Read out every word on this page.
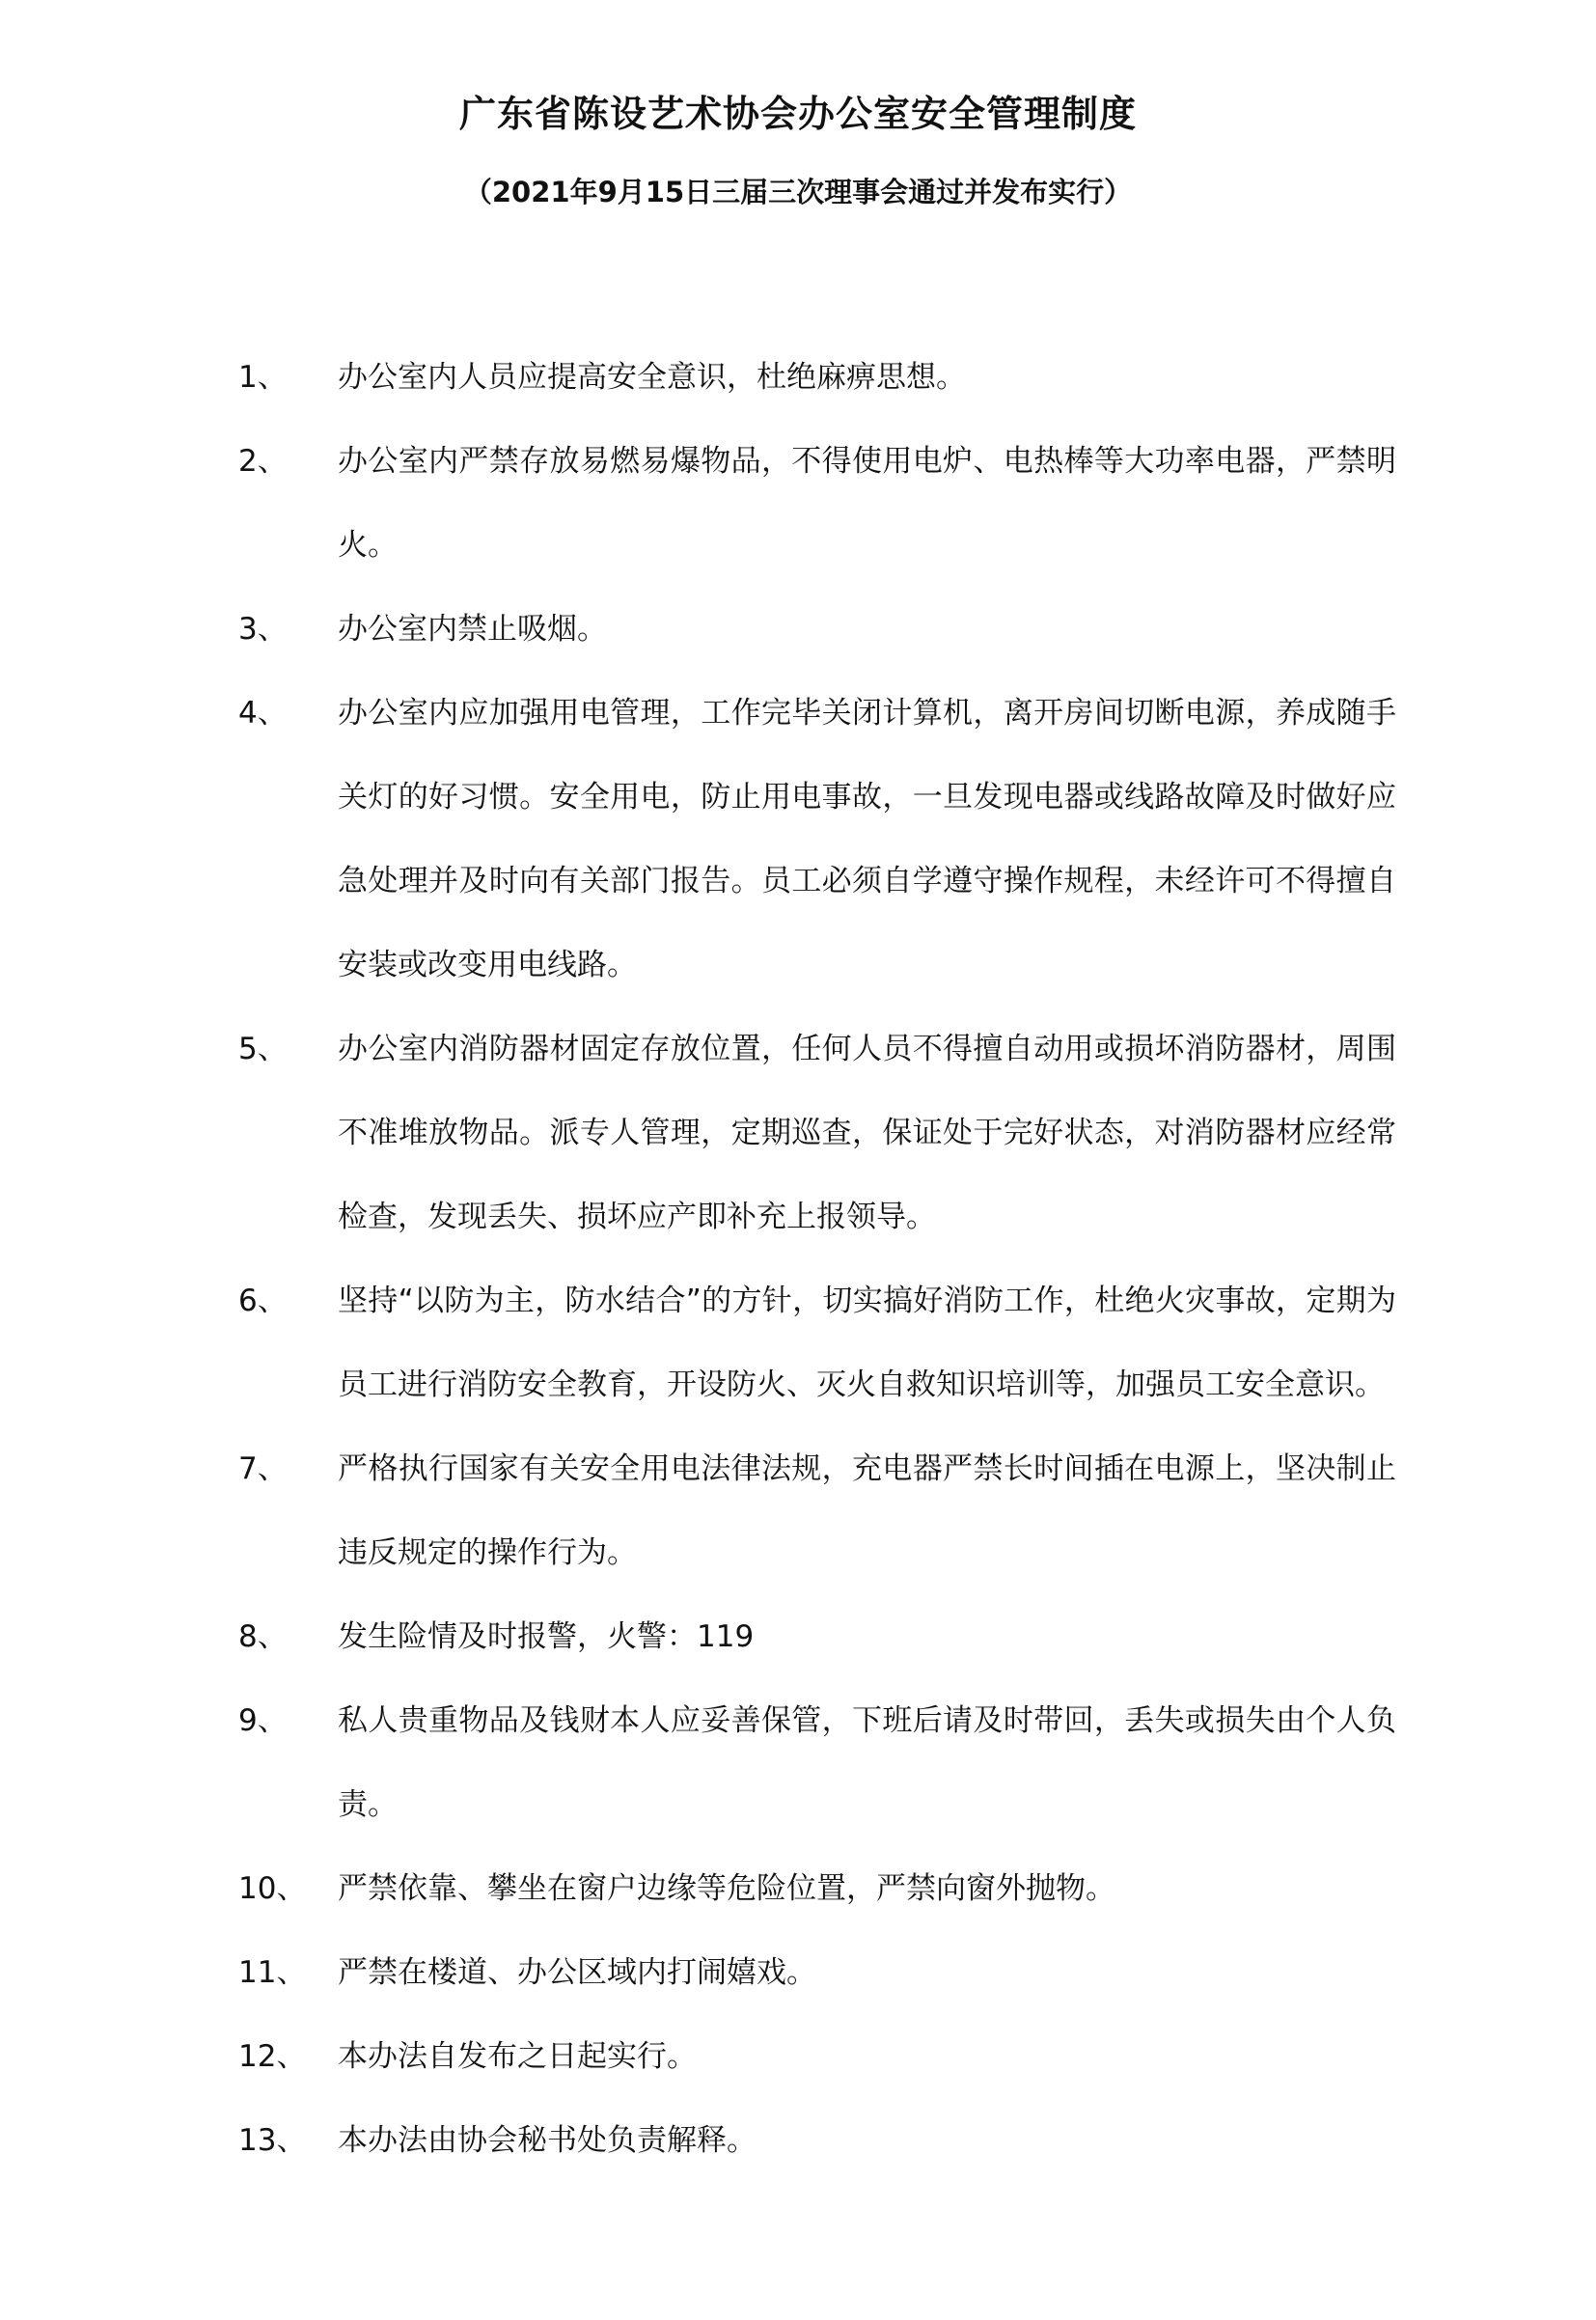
广东省陈设艺术协会办公室安全管理制度
（2021年9月15日三届三次理事会通过并发布实行）
1、 办公室内人员应提高安全意识，杜绝麻痹思想。
2、 办公室内严禁存放易燃易爆物品，不得使用电炉、电热棒等大功率电器，严禁明火。
3、 办公室内禁止吸烟。
4、 办公室内应加强用电管理，工作完毕关闭计算机，离开房间切断电源，养成随手关灯的好习惯。安全用电，防止用电事故，一旦发现电器或线路故障及时做好应急处理并及时向有关部门报告。员工必须自学遵守操作规程，未经许可不得擅自安装或改变用电线路。
5、 办公室内消防器材固定存放位置，任何人员不得擅自动用或损坏消防器材，周围不准堆放物品。派专人管理，定期巡查，保证处于完好状态，对消防器材应经常检查，发现丢失、损坏应产即补充上报领导。
6、 坚持“以防为主，防水结合”的方针，切实搞好消防工作，杜绝火灾事故，定期为员工进行消防安全教育，开设防火、灭火自救知识培训等，加强员工安全意识。
7、 严格执行国家有关安全用电法律法规，充电器严禁长时间插在电源上，坚决制止违反规定的操作行为。
8、 发生险情及时报警，火警：119
9、 私人贵重物品及钱财本人应妥善保管，下班后请及时带回，丢失或损失由个人负责。
10、 严禁依靠、攀坐在窗户边缘等危险位置，严禁向窗外抛物。
11、 严禁在楼道、办公区域内打闹嬉戏。
12、 本办法自发布之日起实行。
13、 本办法由协会秘书处负责解释。
